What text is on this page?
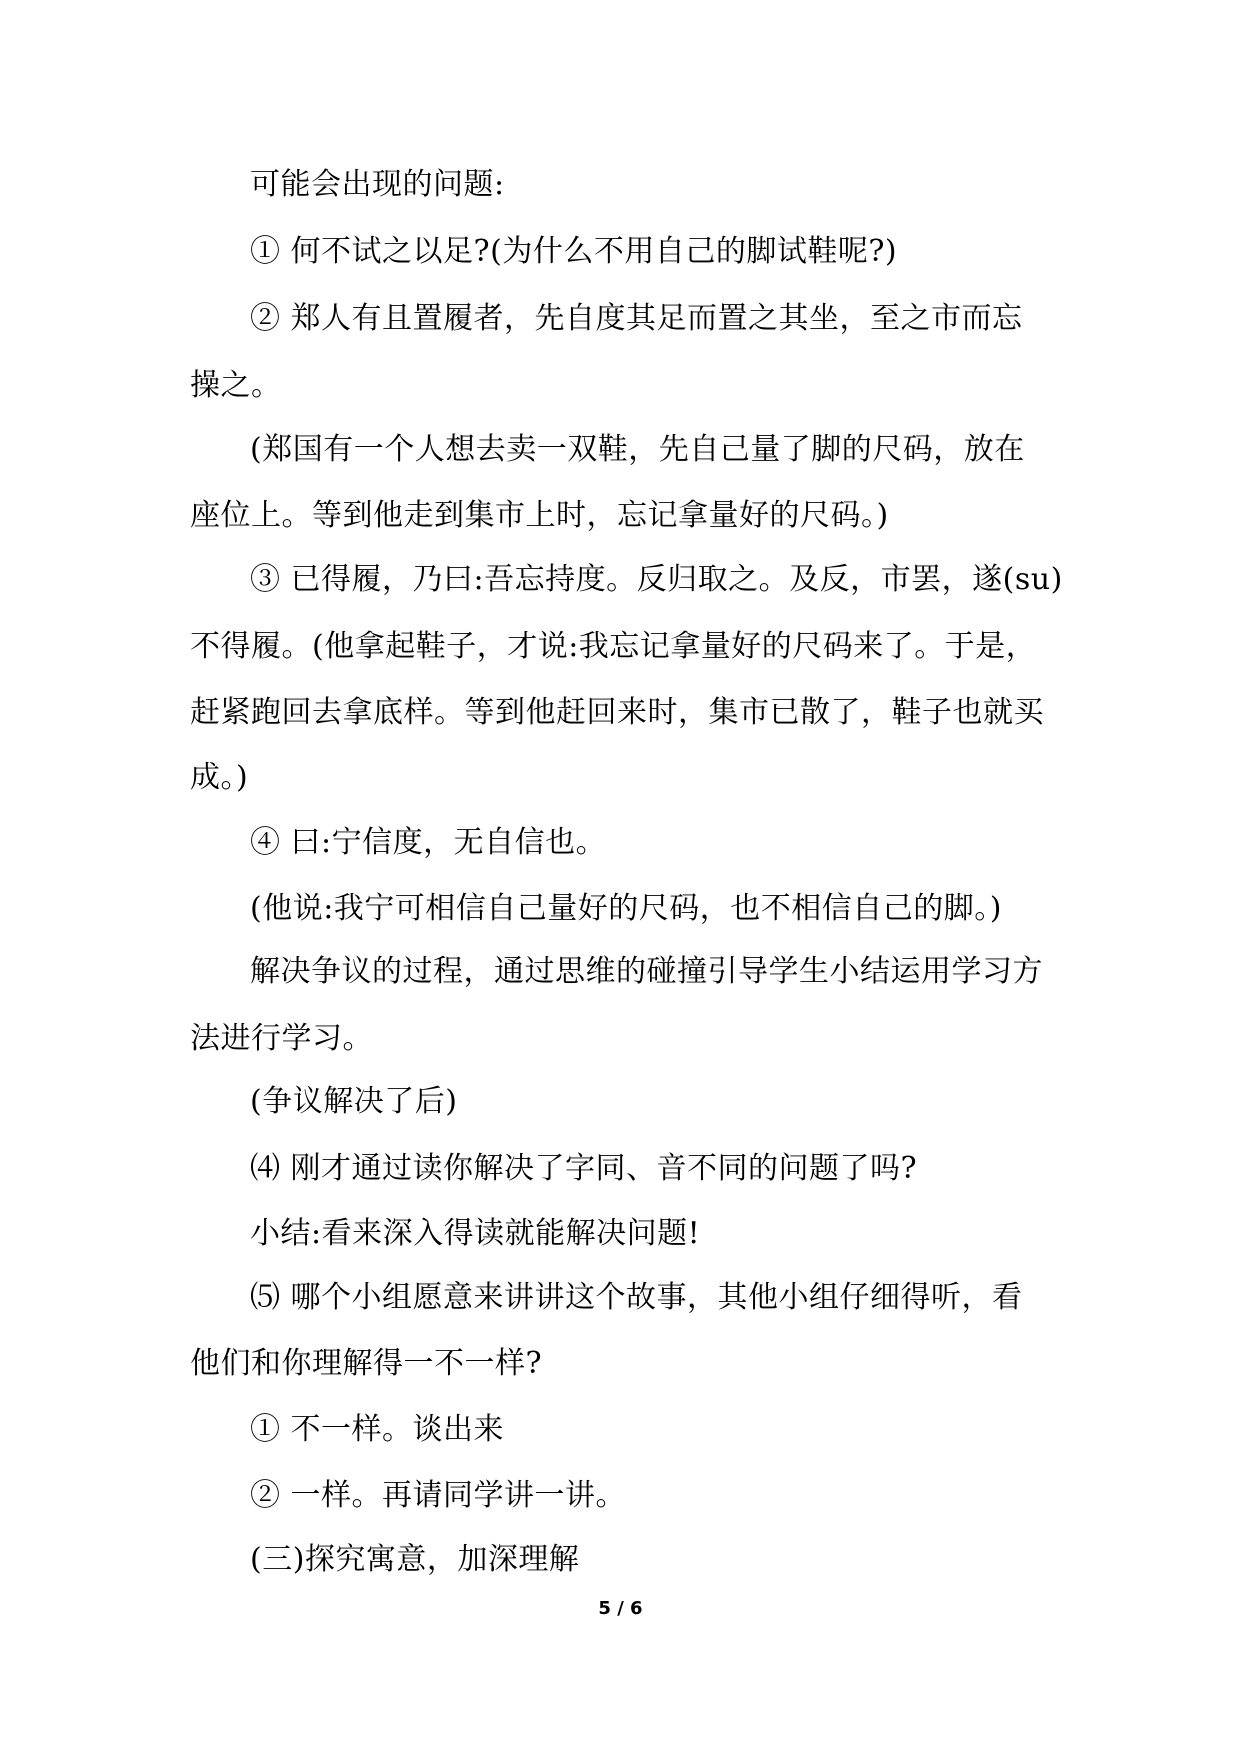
可能会出现的问题:
① 何不试之以足?(为什么不用自己的脚试鞋呢?)
② 郑人有且置履者，先自度其足而置之其坐，至之市而忘
操之。
(郑国有一个人想去卖一双鞋，先自己量了脚的尺码，放在
座位上。等到他走到集市上时，忘记拿量好的尺码。)
③ 已得履，乃曰:吾忘持度。反归取之。及反，市罢，遂(su)
不得履。(他拿起鞋子，才说:我忘记拿量好的尺码来了。于是，
赶紧跑回去拿底样。等到他赶回来时，集市已散了，鞋子也就买
成。)
④ 曰:宁信度，无自信也。
(他说:我宁可相信自己量好的尺码，也不相信自己的脚。)
解决争议的过程，通过思维的碰撞引导学生小结运用学习方
法进行学习。
(争议解决了后)
⑷ 刚才通过读你解决了字同、音不同的问题了吗?
小结:看来深入得读就能解决问题!
⑸ 哪个小组愿意来讲讲这个故事，其他小组仔细得听，看
他们和你理解得一不一样?
① 不一样。谈出来
② 一样。再请同学讲一讲。
(三)探究寓意，加深理解
5 / 6
